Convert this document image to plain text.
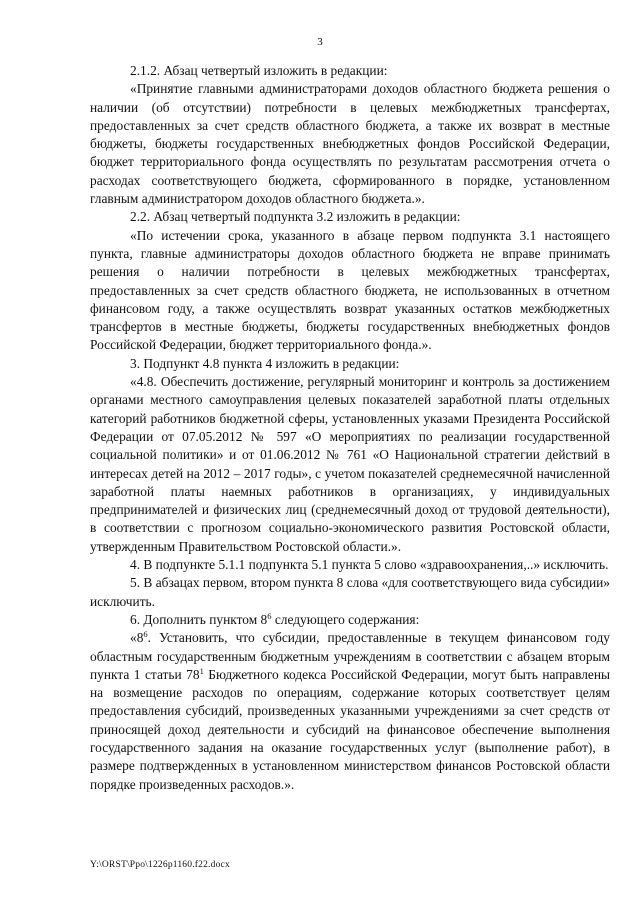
3

2.1.2. Абзац четвертый изложить в редакции:

«Принятие главными администраторами доходов областного бюджета решения о наличии (об отсутствии) потребности в целевых межбюджетных трансфертах, предоставленных за счет средств областного бюджета, а также их возврат в местные бюджеты, бюджеты государственных внебюджетных фондов Российской Федерации, бюджет территориального фонда осуществлять по результатам рассмотрения отчета о расходах соответствующего бюджета, сформированного в порядке, установленном главным администратором доходов областного бюджета.».

2.2. Абзац четвертый подпункта 3.2 изложить в редакции:

«По истечении срока, указанного в абзаце первом подпункта 3.1 настоящего пункта, главные администраторы доходов областного бюджета не вправе принимать решения о наличии потребности в целевых межбюджетных трансфертах, предоставленных за счет средств областного бюджета, не использованных в отчетном финансовом году, а также осуществлять возврат указанных остатков межбюджетных трансфертов в местные бюджеты, бюджеты государственных внебюджетных фондов Российской Федерации, бюджет территориального фонда.».

3. Подпункт 4.8 пункта 4 изложить в редакции:

«4.8. Обеспечить достижение, регулярный мониторинг и контроль за достижением органами местного самоуправления целевых показателей заработной платы отдельных категорий работников бюджетной сферы, установленных указами Президента Российской Федерации от 07.05.2012 № 597 «О мероприятиях по реализации государственной социальной политики» и от 01.06.2012 № 761 «О Национальной стратегии действий в интересах детей на 2012 – 2017 годы», с учетом показателей среднемесячной начисленной заработной платы наемных работников в организациях, у индивидуальных предпринимателей и физических лиц (среднемесячный доход от трудовой деятельности), в соответствии с прогнозом социально-экономического развития Ростовской области, утвержденным Правительством Ростовской области.».

4. В подпункте 5.1.1 подпункта 5.1 пункта 5 слово «здравоохранения,..» исключить.

5. В абзацах первом, втором пункта 8 слова «для соответствующего вида субсидии» исключить.

6. Дополнить пунктом $8^6$ следующего содержания:

«$8^6$. Установить, что субсидии, предоставленные в текущем финансовом году областным государственным бюджетным учреждениям в соответствии с абзацем вторым пункта 1 статьи $78^1$ Бюджетного кодекса Российской Федерации, могут быть направлены на возмещение расходов по операциям, содержание которых соответствует целям предоставления субсидий, произведенных указанными учреждениями за счет средств от приносящей доход деятельности и субсидий на финансовое обеспечение выполнения государственного задания на оказание государственных услуг (выполнение работ), в размере подтвержденных в установленном министерством финансов Ростовской области порядке произведенных расходов.».

Y:\ORST\Ppo\1226p1160.f22.docx
